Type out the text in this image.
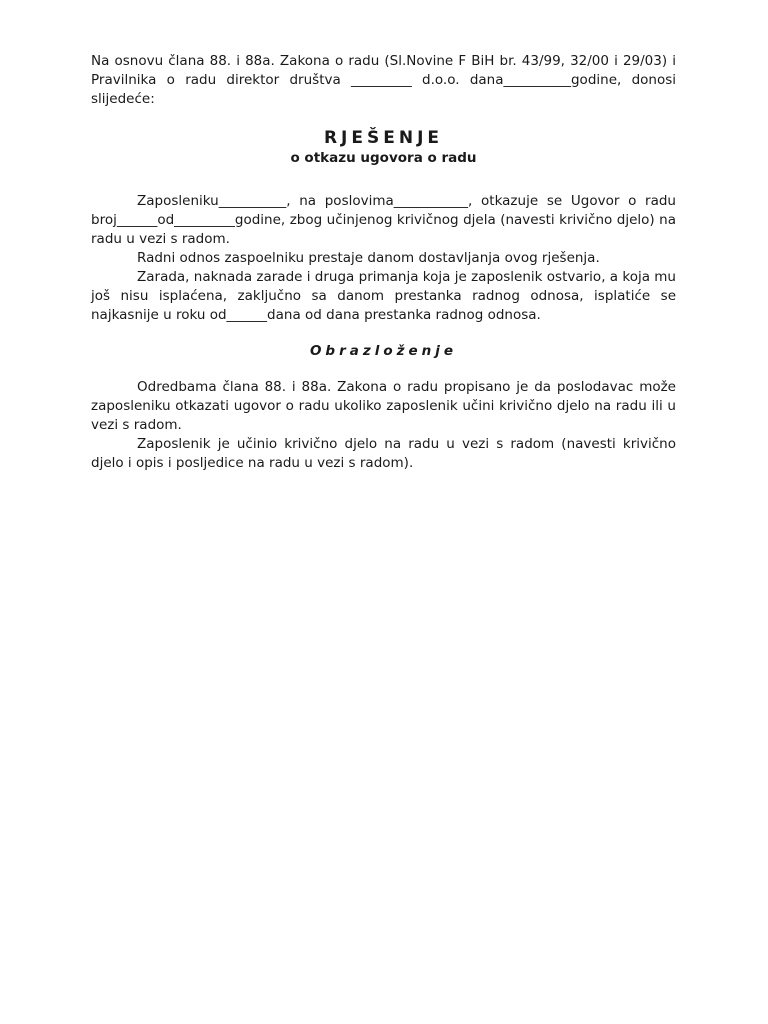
Na osnovu člana 88. i 88a. Zakona o radu (Sl.Novine F BiH br. 43/99, 32/00 i 29/03) i Pravilnika o radu direktor društva _________ d.o.o. dana__________godine, donosi slijedeće:

RJEŠENJE
o otkazu ugovora o radu

Zaposleniku__________, na poslovima___________, otkazuje se Ugovor o radu broj______od_________godine, zbog učinjenog krivičnog djela (navesti krivično djelo) na radu u vezi s radom.

Radni odnos zaspoelniku prestaje danom dostavljanja ovog rješenja.

Zarada, naknada zarade i druga primanja koja je zaposlenik ostvario, a koja mu još nisu isplaćena, zaključno sa danom prestanka radnog odnosa, isplatiće se najkasnije u roku od______dana od dana prestanka radnog odnosa.

Obrazloženje

Odredbama člana 88. i 88a. Zakona o radu propisano je da poslodavac može zaposleniku otkazati ugovor o radu ukoliko zaposlenik učini krivično djelo na radu ili u vezi s radom.

Zaposlenik je učinio krivično djelo na radu u vezi s radom (navesti krivično djelo i opis i posljedice na radu u vezi s radom).
